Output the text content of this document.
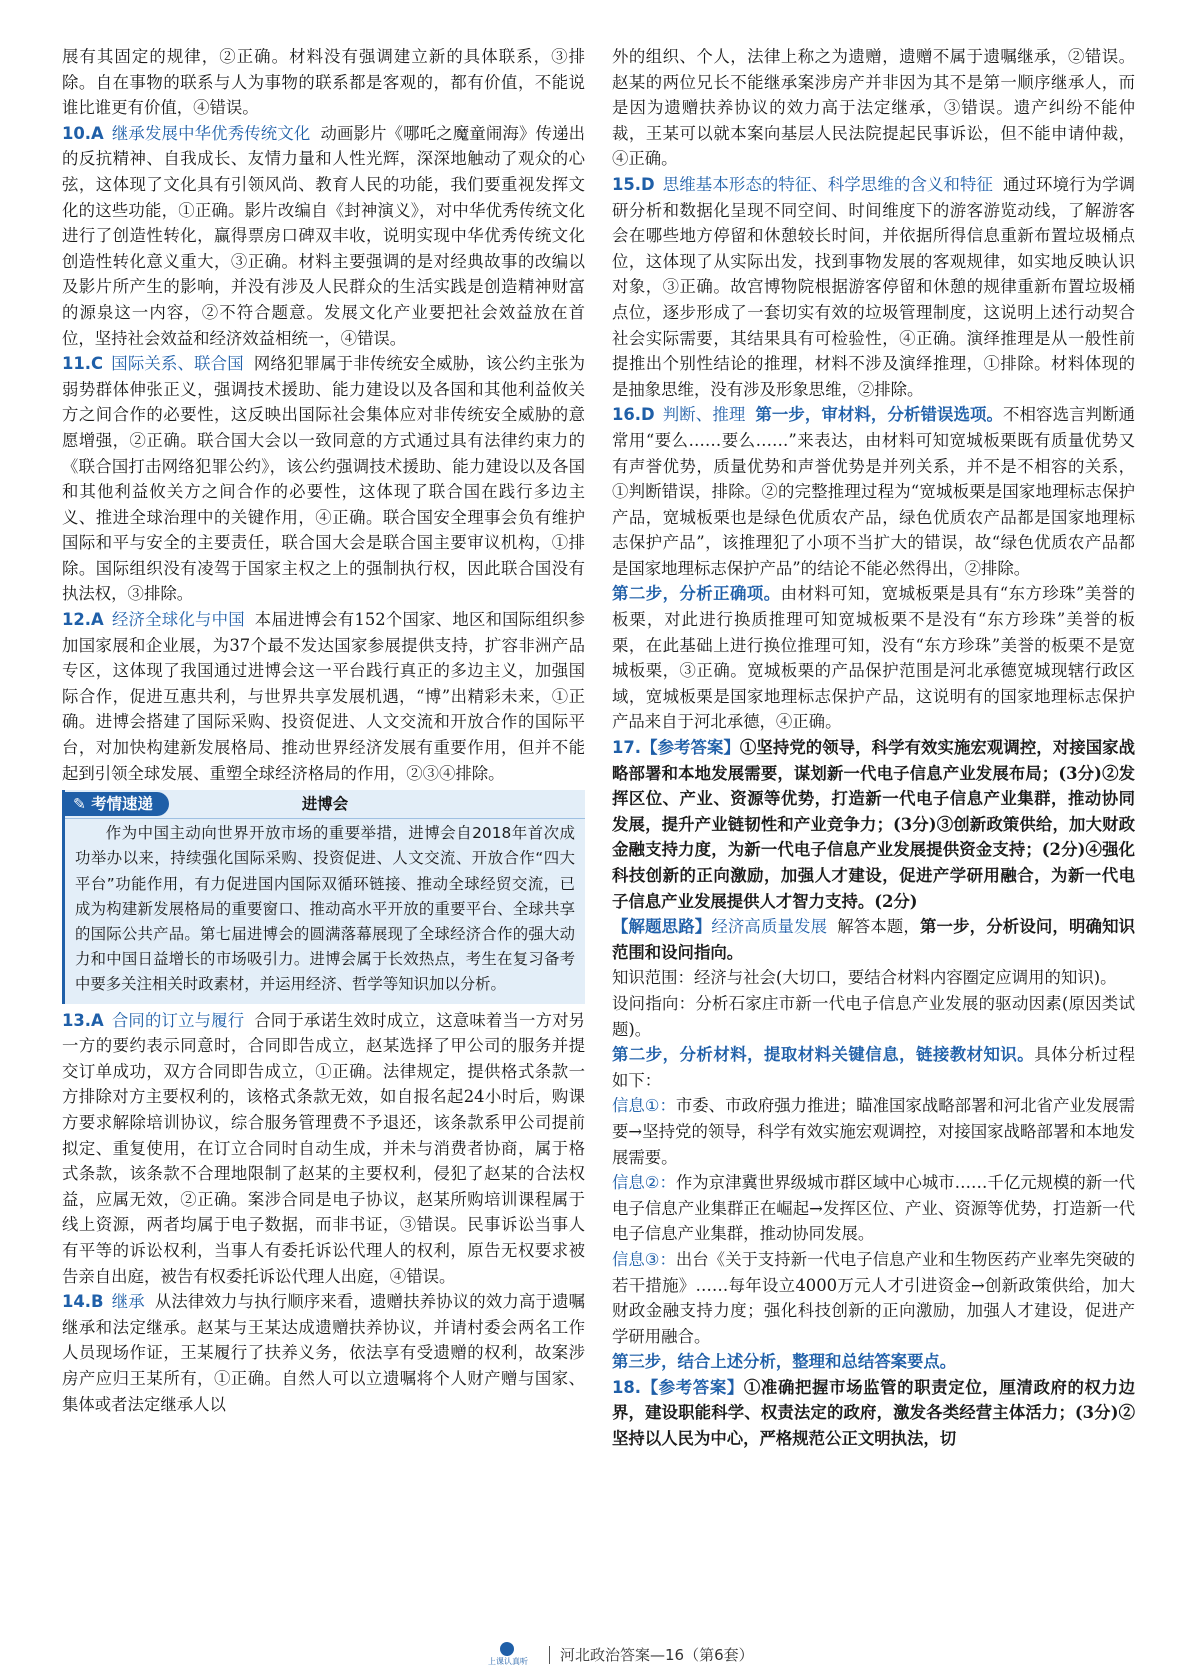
展有其固定的规律，②正确。材料没有强调建立新的具体联系，③排除。自在事物的联系与人为事物的联系都是客观的，都有价值，不能说谁比谁更有价值，④错误。

10.A 继承发展中华优秀传统文化 动画影片《哪吒之魔童闹海》传递出的反抗精神、自我成长、友情力量和人性光辉，深深地触动了观众的心弦，这体现了文化具有引领风尚、教育人民的功能，我们要重视发挥文化的这些功能，①正确。影片改编自《封神演义》，对中华优秀传统文化进行了创造性转化，赢得票房口碑双丰收，说明实现中华优秀传统文化创造性转化意义重大，③正确。材料主要强调的是对经典故事的改编以及影片所产生的影响，并没有涉及人民群众的生活实践是创造精神财富的源泉这一内容，②不符合题意。发展文化产业要把社会效益放在首位，坚持社会效益和经济效益相统一，④错误。

11.C 国际关系、联合国 网络犯罪属于非传统安全威胁，该公约主张为弱势群体伸张正义，强调技术援助、能力建设以及各国和其他利益攸关方之间合作的必要性，这反映出国际社会集体应对非传统安全威胁的意愿增强，②正确。联合国大会以一致同意的方式通过具有法律约束力的《联合国打击网络犯罪公约》，该公约强调技术援助、能力建设以及各国和其他利益攸关方之间合作的必要性，这体现了联合国在践行多边主义、推进全球治理中的关键作用，④正确。联合国安全理事会负有维护国际和平与安全的主要责任，联合国大会是联合国主要审议机构，①排除。国际组织没有凌驾于国家主权之上的强制执行权，因此联合国没有执法权，③排除。

12.A 经济全球化与中国 本届进博会有152个国家、地区和国际组织参加国家展和企业展，为37个最不发达国家参展提供支持，扩容非洲产品专区，这体现了我国通过进博会这一平台践行真正的多边主义，加强国际合作，促进互惠共利，与世界共享发展机遇，“博”出精彩未来，①正确。进博会搭建了国际采购、投资促进、人文交流和开放合作的国际平台，对加快构建新发展格局、推动世界经济发展有重要作用，但并不能起到引领全球发展、重塑全球经济格局的作用，②③④排除。

✎ 考情速递	进博会
作为中国主动向世界开放市场的重要举措，进博会自2018年首次成功举办以来，持续强化国际采购、投资促进、人文交流、开放合作“四大平台”功能作用，有力促进国内国际双循环链接、推动全球经贸交流，已成为构建新发展格局的重要窗口、推动高水平开放的重要平台、全球共享的国际公共产品。第七届进博会的圆满落幕展现了全球经济合作的强大动力和中国日益增长的市场吸引力。进博会属于长效热点，考生在复习备考中要多关注相关时政素材，并运用经济、哲学等知识加以分析。

13.A 合同的订立与履行 合同于承诺生效时成立，这意味着当一方对另一方的要约表示同意时，合同即告成立，赵某选择了甲公司的服务并提交订单成功，双方合同即告成立，①正确。法律规定，提供格式条款一方排除对方主要权利的，该格式条款无效，如自报名起24小时后，购课方要求解除培训协议，综合服务管理费不予退还，该条款系甲公司提前拟定、重复使用，在订立合同时自动生成，并未与消费者协商，属于格式条款，该条款不合理地限制了赵某的主要权利，侵犯了赵某的合法权益，应属无效，②正确。案涉合同是电子协议，赵某所购培训课程属于线上资源，两者均属于电子数据，而非书证，③错误。民事诉讼当事人有平等的诉讼权利，当事人有委托诉讼代理人的权利，原告无权要求被告亲自出庭，被告有权委托诉讼代理人出庭，④错误。

14.B 继承 从法律效力与执行顺序来看，遗赠扶养协议的效力高于遗嘱继承和法定继承。赵某与王某达成遗赠扶养协议，并请村委会两名工作人员现场作证，王某履行了扶养义务，依法享有受遗赠的权利，故案涉房产应归王某所有，①正确。自然人可以立遗嘱将个人财产赠与国家、集体或者法定继承人以

外的组织、个人，法律上称之为遗赠，遗赠不属于遗嘱继承，②错误。赵某的两位兄长不能继承案涉房产并非因为其不是第一顺序继承人，而是因为遗赠扶养协议的效力高于法定继承，③错误。遗产纠纷不能仲裁，王某可以就本案向基层人民法院提起民事诉讼，但不能申请仲裁，④正确。

15.D 思维基本形态的特征、科学思维的含义和特征 通过环境行为学调研分析和数据化呈现不同空间、时间维度下的游客游览动线，了解游客会在哪些地方停留和休憩较长时间，并依据所得信息重新布置垃圾桶点位，这体现了从实际出发，找到事物发展的客观规律，如实地反映认识对象，③正确。故宫博物院根据游客停留和休憩的规律重新布置垃圾桶点位，逐步形成了一套切实有效的垃圾管理制度，这说明上述行动契合社会实际需要，其结果具有可检验性，④正确。演绎推理是从一般性前提推出个别性结论的推理，材料不涉及演绎推理，①排除。材料体现的是抽象思维，没有涉及形象思维，②排除。

16.D 判断、推理 第一步，审材料，分析错误选项。不相容选言判断通常用“要么……要么……”来表达，由材料可知宽城板栗既有质量优势又有声誉优势，质量优势和声誉优势是并列关系，并不是不相容的关系，①判断错误，排除。②的完整推理过程为“宽城板栗是国家地理标志保护产品，宽城板栗也是绿色优质农产品，绿色优质农产品都是国家地理标志保护产品”，该推理犯了小项不当扩大的错误，故“绿色优质农产品都是国家地理标志保护产品”的结论不能必然得出，②排除。

第二步，分析正确项。由材料可知，宽城板栗是具有“东方珍珠”美誉的板栗，对此进行换质推理可知宽城板栗不是没有“东方珍珠”美誉的板栗，在此基础上进行换位推理可知，没有“东方珍珠”美誉的板栗不是宽城板栗，③正确。宽城板栗的产品保护范围是河北承德宽城现辖行政区域，宽城板栗是国家地理标志保护产品，这说明有的国家地理标志保护产品来自于河北承德，④正确。

17.【参考答案】①坚持党的领导，科学有效实施宏观调控，对接国家战略部署和本地发展需要，谋划新一代电子信息产业发展布局；(3分)②发挥区位、产业、资源等优势，打造新一代电子信息产业集群，推动协同发展，提升产业链韧性和产业竞争力；(3分)③创新政策供给，加大财政金融支持力度，为新一代电子信息产业发展提供资金支持；(2分)④强化科技创新的正向激励，加强人才建设，促进产学研用融合，为新一代电子信息产业发展提供人才智力支持。(2分)

【解题思路】经济高质量发展 解答本题，第一步，分析设问，明确知识范围和设问指向。

知识范围：经济与社会(大切口，要结合材料内容圈定应调用的知识)。

设问指向：分析石家庄市新一代电子信息产业发展的驱动因素(原因类试题)。

第二步，分析材料，提取材料关键信息，链接教材知识。具体分析过程如下：

信息①：市委、市政府强力推进；瞄准国家战略部署和河北省产业发展需要→坚持党的领导，科学有效实施宏观调控，对接国家战略部署和本地发展需要。

信息②：作为京津冀世界级城市群区域中心城市……千亿元规模的新一代电子信息产业集群正在崛起→发挥区位、产业、资源等优势，打造新一代电子信息产业集群，推动协同发展。

信息③：出台《关于支持新一代电子信息产业和生物医药产业率先突破的若干措施》……每年设立4000万元人才引进资金→创新政策供给，加大财政金融支持力度；强化科技创新的正向激励，加强人才建设，促进产学研用融合。

第三步，结合上述分析，整理和总结答案要点。

18.【参考答案】①准确把握市场监管的职责定位，厘清政府的权力边界，建设职能科学、权责法定的政府，激发各类经营主体活力；(3分)②坚持以人民为中心，严格规范公正文明执法，切

上课认真听	河北政治答案—16（第6套）
